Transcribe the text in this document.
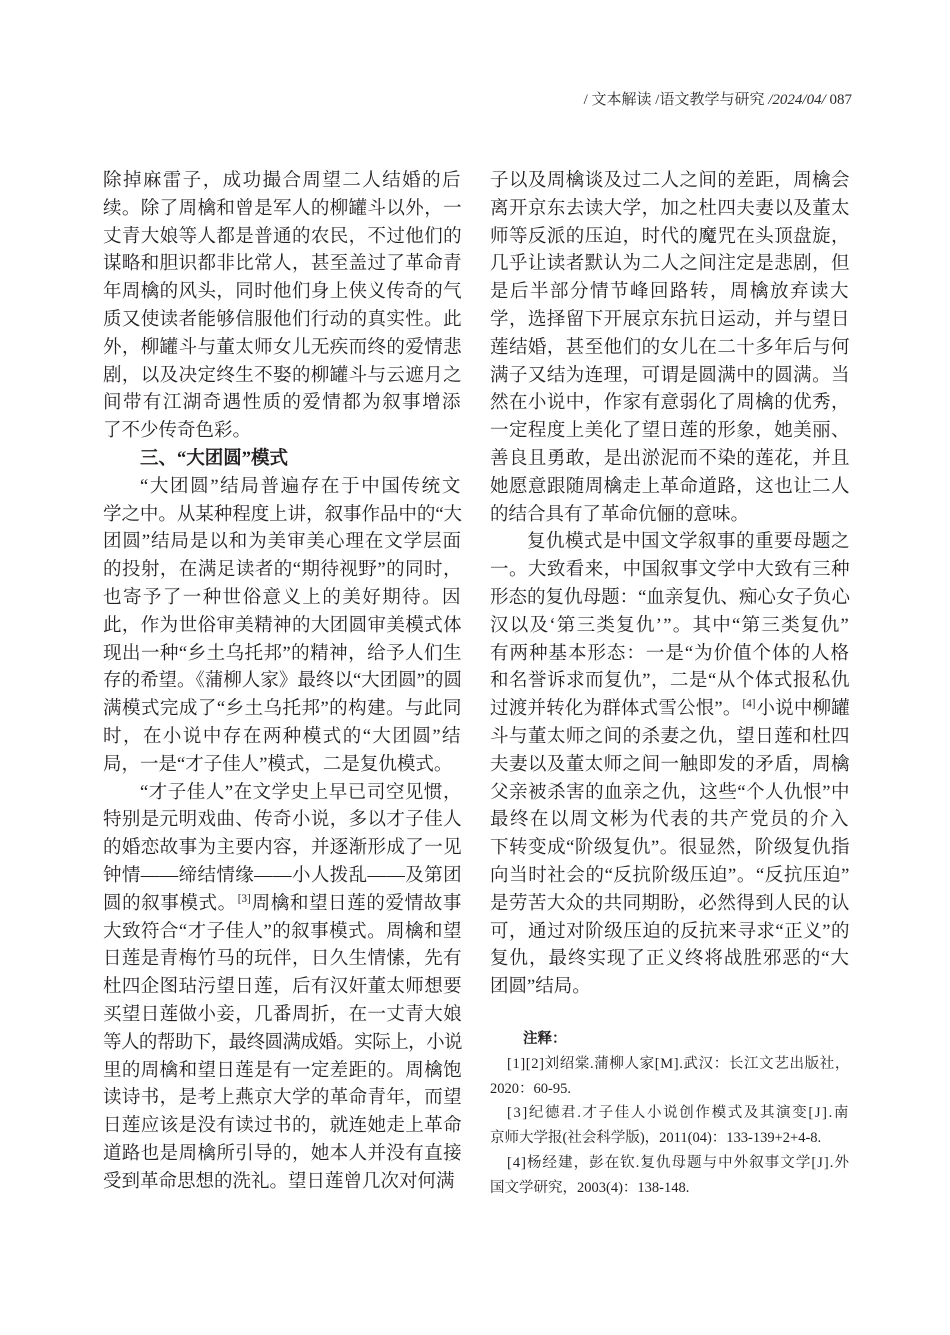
/ 文本解读 /语文教学与研究 /2024/04/ 087
除掉麻雷子，成功撮合周望二人结婚的后
续。除了周檎和曾是军人的柳罐斗以外，一
丈青大娘等人都是普通的农民，不过他们的
谋略和胆识都非比常人，甚至盖过了革命青
年周檎的风头，同时他们身上侠义传奇的气
质又使读者能够信服他们行动的真实性。此
外，柳罐斗与董太师女儿无疾而终的爱情悲
剧，以及决定终生不娶的柳罐斗与云遮月之
间带有江湖奇遇性质的爱情都为叙事增添
了不少传奇色彩。
三、“大团圆”模式
“大团圆”结局普遍存在于中国传统文
学之中。从某种程度上讲，叙事作品中的“大
团圆”结局是以和为美审美心理在文学层面
的投射，在满足读者的“期待视野”的同时，
也寄予了一种世俗意义上的美好期待。因
此，作为世俗审美精神的大团圆审美模式体
现出一种“乡土乌托邦”的精神，给予人们生
存的希望。《蒲柳人家》最终以“大团圆”的圆
满模式完成了“乡土乌托邦”的构建。与此同
时，在小说中存在两种模式的“大团圆”结
局，一是“才子佳人”模式，二是复仇模式。
“才子佳人”在文学史上早已司空见惯，
特别是元明戏曲、传奇小说，多以才子佳人
的婚恋故事为主要内容，并逐渐形成了一见
钟情——缔结情缘——小人拨乱——及第团
圆的叙事模式。[3]周檎和望日莲的爱情故事
大致符合“才子佳人”的叙事模式。周檎和望
日莲是青梅竹马的玩伴，日久生情愫，先有
杜四企图玷污望日莲，后有汉奸董太师想要
买望日莲做小妾，几番周折，在一丈青大娘
等人的帮助下，最终圆满成婚。实际上，小说
里的周檎和望日莲是有一定差距的。周檎饱
读诗书，是考上燕京大学的革命青年，而望
日莲应该是没有读过书的，就连她走上革命
道路也是周檎所引导的，她本人并没有直接
受到革命思想的洗礼。望日莲曾几次对何满
子以及周檎谈及过二人之间的差距，周檎会
离开京东去读大学，加之杜四夫妻以及董太
师等反派的压迫，时代的魔咒在头顶盘旋，
几乎让读者默认为二人之间注定是悲剧，但
是后半部分情节峰回路转，周檎放弃读大
学，选择留下开展京东抗日运动，并与望日
莲结婚，甚至他们的女儿在二十多年后与何
满子又结为连理，可谓是圆满中的圆满。当
然在小说中，作家有意弱化了周檎的优秀，
一定程度上美化了望日莲的形象，她美丽、
善良且勇敢，是出淤泥而不染的莲花，并且
她愿意跟随周檎走上革命道路，这也让二人
的结合具有了革命伉俪的意味。
复仇模式是中国文学叙事的重要母题之
一。大致看来，中国叙事文学中大致有三种
形态的复仇母题：“血亲复仇、痴心女子负心
汉以及‘第三类复仇’”。其中“第三类复仇”
有两种基本形态：一是“为价值个体的人格
和名誉诉求而复仇”，二是“从个体式报私仇
过渡并转化为群体式雪公恨”。[4]小说中柳罐
斗与董太师之间的杀妻之仇，望日莲和杜四
夫妻以及董太师之间一触即发的矛盾，周檎
父亲被杀害的血亲之仇，这些“个人仇恨”中
最终在以周文彬为代表的共产党员的介入
下转变成“阶级复仇”。很显然，阶级复仇指
向当时社会的“反抗阶级压迫”。“反抗压迫”
是劳苦大众的共同期盼，必然得到人民的认
可，通过对阶级压迫的反抗来寻求“正义”的
复仇，最终实现了正义终将战胜邪恶的“大
团圆”结局。
注释：
[1][2]刘绍棠.蒲柳人家[M].武汉：长江文艺出版社，
2020：60-95.
[3]纪德君.才子佳人小说创作模式及其演变[J].南
京师大学报(社会科学版)，2011(04)：133-139+2+4-8.
[4]杨经建，彭在钦.复仇母题与中外叙事文学[J].外
国文学研究，2003(4)：138-148.
